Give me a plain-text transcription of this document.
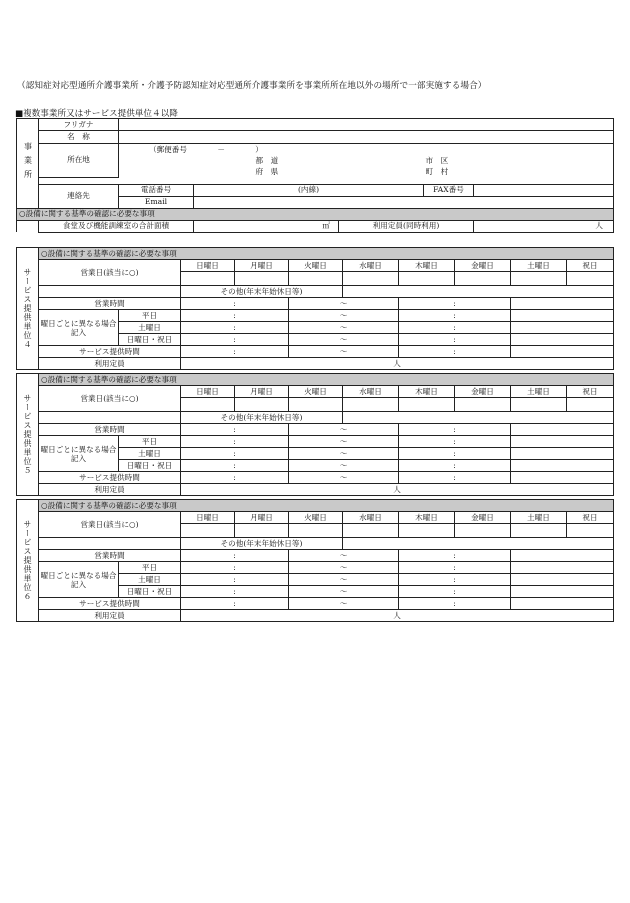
（認知症対応型通所介護事業所・介護予防認知症対応型通所介護事業所を事業所所在地以外の場所で一部実施する場合）
■複数事業所又はサービス提供単位４以降
事業所	フリガナ							
	名　称							
	所在地	（郵便番号　　　　－　　　　）						
				都　道		市　区		
				府　県		町　村		

	連絡先	電話番号	(内線)			FAX番号		
		Email						
○設備に関する基準の確認に必要な事項								
	食堂及び機能訓練室の合計面積		㎡		利用定員(同時利用)		人	
サービス提供単位４	○設備に関する基準の確認に必要な事項									
	営業日(該当に○)		日曜日	月曜日	火曜日	水曜日	木曜日	金曜日	土曜日	祝日

			その他(年末年始休日等)							
	営業時間		:		～		:			
	曜日ごとに異なる場合記入	平日	:		～		:			
		土曜日	:		～		:			
		日曜日・祝日	:		～		:			
	サービス提供時間		:		～		:			
	利用定員		人							
サービス提供単位５	○設備に関する基準の確認に必要な事項									
	営業日(該当に○)		日曜日	月曜日	火曜日	水曜日	木曜日	金曜日	土曜日	祝日

			その他(年末年始休日等)							
	営業時間		:		～		:			
	曜日ごとに異なる場合記入	平日	:		～		:			
		土曜日	:		～		:			
		日曜日・祝日	:		～		:			
	サービス提供時間		:		～		:			
	利用定員		人							
サービス提供単位６	○設備に関する基準の確認に必要な事項									
	営業日(該当に○)		日曜日	月曜日	火曜日	水曜日	木曜日	金曜日	土曜日	祝日

			その他(年末年始休日等)							
	営業時間		:		～		:			
	曜日ごとに異なる場合記入	平日	:		～		:			
		土曜日	:		～		:			
		日曜日・祝日	:		～		:			
	サービス提供時間		:		～		:			
	利用定員		人							
